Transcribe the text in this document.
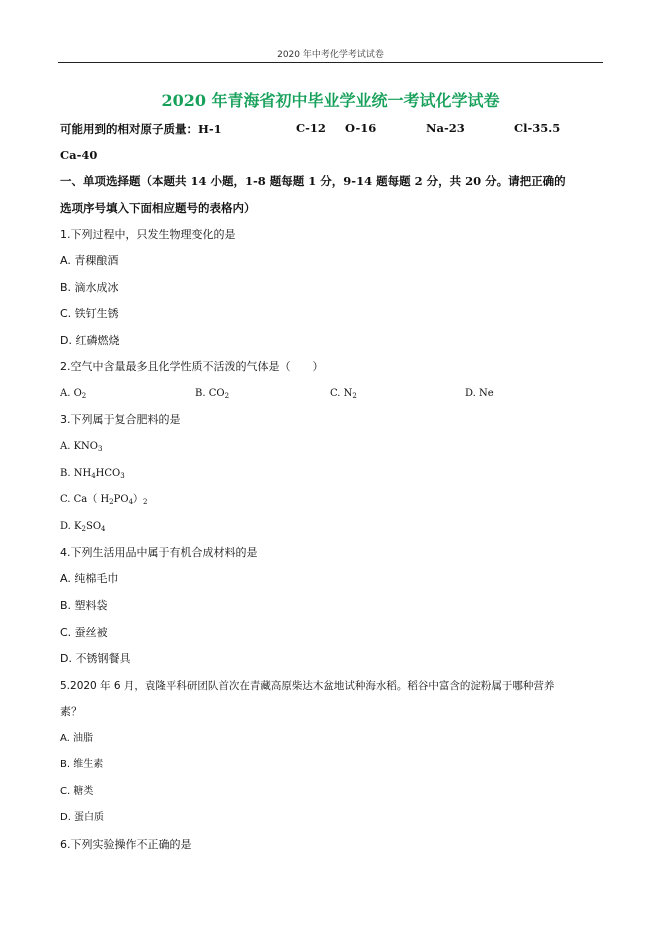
2020 年中考化学考试试卷
2020 年青海省初中毕业学业统一考试化学试卷
可能用到的相对原子质量：H-1	C-12 O-16	Na-23	Cl-35.5
Ca-40
一、单项选择题（本题共 14 小题，1-8 题每题 1 分，9-14 题每题 2 分，共 20 分。请把正确的
选项序号填入下面相应题号的表格内）
1.下列过程中，只发生物理变化的是
A. 青稞酿酒
B. 滴水成冰
C. 铁钉生锈
D. 红磷燃烧
2.空气中含量最多且化学性质不活泼的气体是（　　）
A. $O_2$	B. $CO_2$	C. $N_2$	D. Ne
3.下列属于复合肥料的是
A. $KNO_3$
B. $NH_4HCO_3$
C. Ca（ $H_2PO_4)_2$
D. $K_2SO_4$
4.下列生活用品中属于有机合成材料的是
A. 纯棉毛巾
B. 塑料袋
C. 蚕丝被
D. 不锈钢餐具
5.2020 年 6 月，袁隆平科研团队首次在青藏高原柴达木盆地试种海水稻。稻谷中富含的淀粉属于哪种营养
素？
A. 油脂
B. 维生素
C. 糖类
D. 蛋白质
6.下列实验操作不正确的是
